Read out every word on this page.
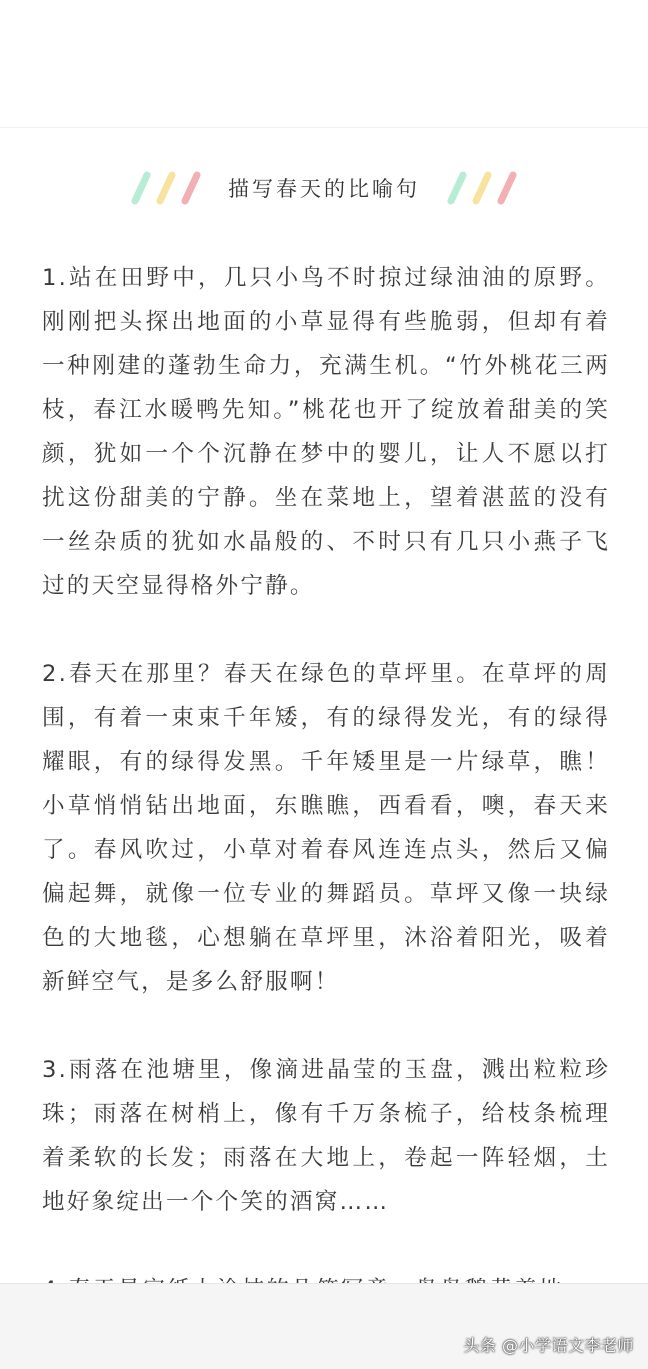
描写春天的比喻句

1.站在田野中，几只小鸟不时掠过绿油油的原野。刚刚把头探出地面的小草显得有些脆弱，但却有着一种刚建的蓬勃生命力，充满生机。“竹外桃花三两枝，春江水暖鸭先知。”桃花也开了绽放着甜美的笑颜，犹如一个个沉静在梦中的婴儿，让人不愿以打扰这份甜美的宁静。坐在菜地上，望着湛蓝的没有一丝杂质的犹如水晶般的、不时只有几只小燕子飞过的天空显得格外宁静。

2.春天在那里？春天在绿色的草坪里。在草坪的周围，有着一束束千年矮，有的绿得发光，有的绿得耀眼，有的绿得发黑。千年矮里是一片绿草，瞧！小草悄悄钻出地面，东瞧瞧，西看看，噢，春天来了。春风吹过，小草对着春风连连点头，然后又偏偏起舞，就像一位专业的舞蹈员。草坪又像一块绿色的大地毯，心想躺在草坪里，沐浴着阳光，吸着新鲜空气，是多么舒服啊！

3.雨落在池塘里，像滴进晶莹的玉盘，溅出粒粒珍珠；雨落在树梢上，像有千万条梳子，给枝条梳理着柔软的长发；雨落在大地上，卷起一阵轻烟，土地好象绽出一个个笑的酒窝……

头条 @小学语文李老师
